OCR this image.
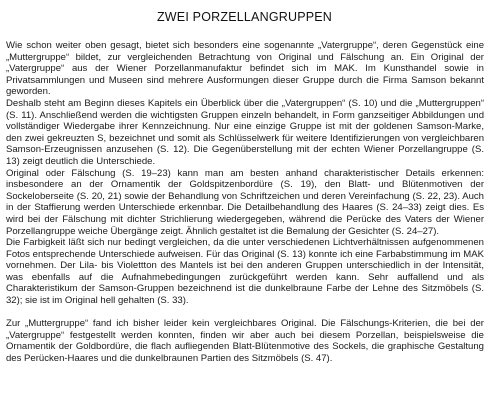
ZWEI PORZELLANGRUPPEN

Wie schon weiter oben gesagt, bietet sich besonders eine sogenannte „Vatergruppe“, deren Gegenstück eine „Muttergruppe“ bildet, zur vergleichenden Betrachtung von Original und Fälschung an. Ein Original der „Vatergruppe“ aus der Wiener Porzellanmanufaktur befindet sich im MAK. Im Kunsthandel sowie in Privatsammlungen und Museen sind mehrere Ausformungen dieser Gruppe durch die Firma Samson bekannt geworden.

Deshalb steht am Beginn dieses Kapitels ein Überblick über die „Vatergruppen“ (S. 10) und die „Muttergruppen“ (S. 11). Anschließend werden die wichtigsten Gruppen einzeln behandelt, in Form ganzseitiger Abbildungen und vollständiger Wiedergabe ihrer Kennzeichnung. Nur eine einzige Gruppe ist mit der goldenen Samson-Marke, den zwei gekreuzten S, bezeichnet und somit als Schlüsselwerk für weitere Identifizierungen von vergleichbaren Samson-Erzeugnissen anzusehen (S. 12). Die Gegenüberstellung mit der echten Wiener Porzellangruppe (S. 13) zeigt deutlich die Unterschiede.

Original oder Fälschung (S. 19–23) kann man am besten anhand charakteristischer Details erkennen: insbesondere an der Ornamentik der Goldspitzenbordüre (S. 19), den Blatt- und Blütenmotiven der Sockeloberseite (S. 20, 21) sowie der Behandlung von Schriftzeichen und deren Vereinfachung (S. 22, 23). Auch in der Staffierung werden Unterschiede erkennbar. Die Detailbehandlung des Haares (S. 24–33) zeigt dies. Es wird bei der Fälschung mit dichter Strichlierung wiedergegeben, während die Perücke des Vaters der Wiener Porzellangruppe weiche Übergänge zeigt. Ähnlich gestaltet ist die Bemalung der Gesichter (S. 24–27).

Die Farbigkeit läßt sich nur bedingt vergleichen, da die unter verschiedenen Lichtverhältnissen aufgenommenen Fotos entsprechende Unterschiede aufweisen. Für das Original (S. 13) konnte ich eine Farbabstimmung im MAK vornehmen. Der Lila- bis Violettton des Mantels ist bei den anderen Gruppen unterschiedlich in der Intensität, was ebenfalls auf die Aufnahmebedingungen zurückgeführt werden kann. Sehr auffallend und als Charakteristikum der Samson-Gruppen bezeichnend ist die dunkelbraune Farbe der Lehne des Sitzmöbels (S. 32); sie ist im Original hell gehalten (S. 33).

Zur „Muttergruppe“ fand ich bisher leider kein vergleichbares Original. Die Fälschungs-Kriterien, die bei der „Vatergruppe“ festgestellt werden konnten, finden wir aber auch bei diesem Porzellan, beispielsweise die Ornamentik der Goldbordüre, die flach aufliegenden Blatt-Blütenmotive des Sockels, die graphische Gestaltung des Perücken-Haares und die dunkelbraunen Partien des Sitzmöbels (S. 47).
